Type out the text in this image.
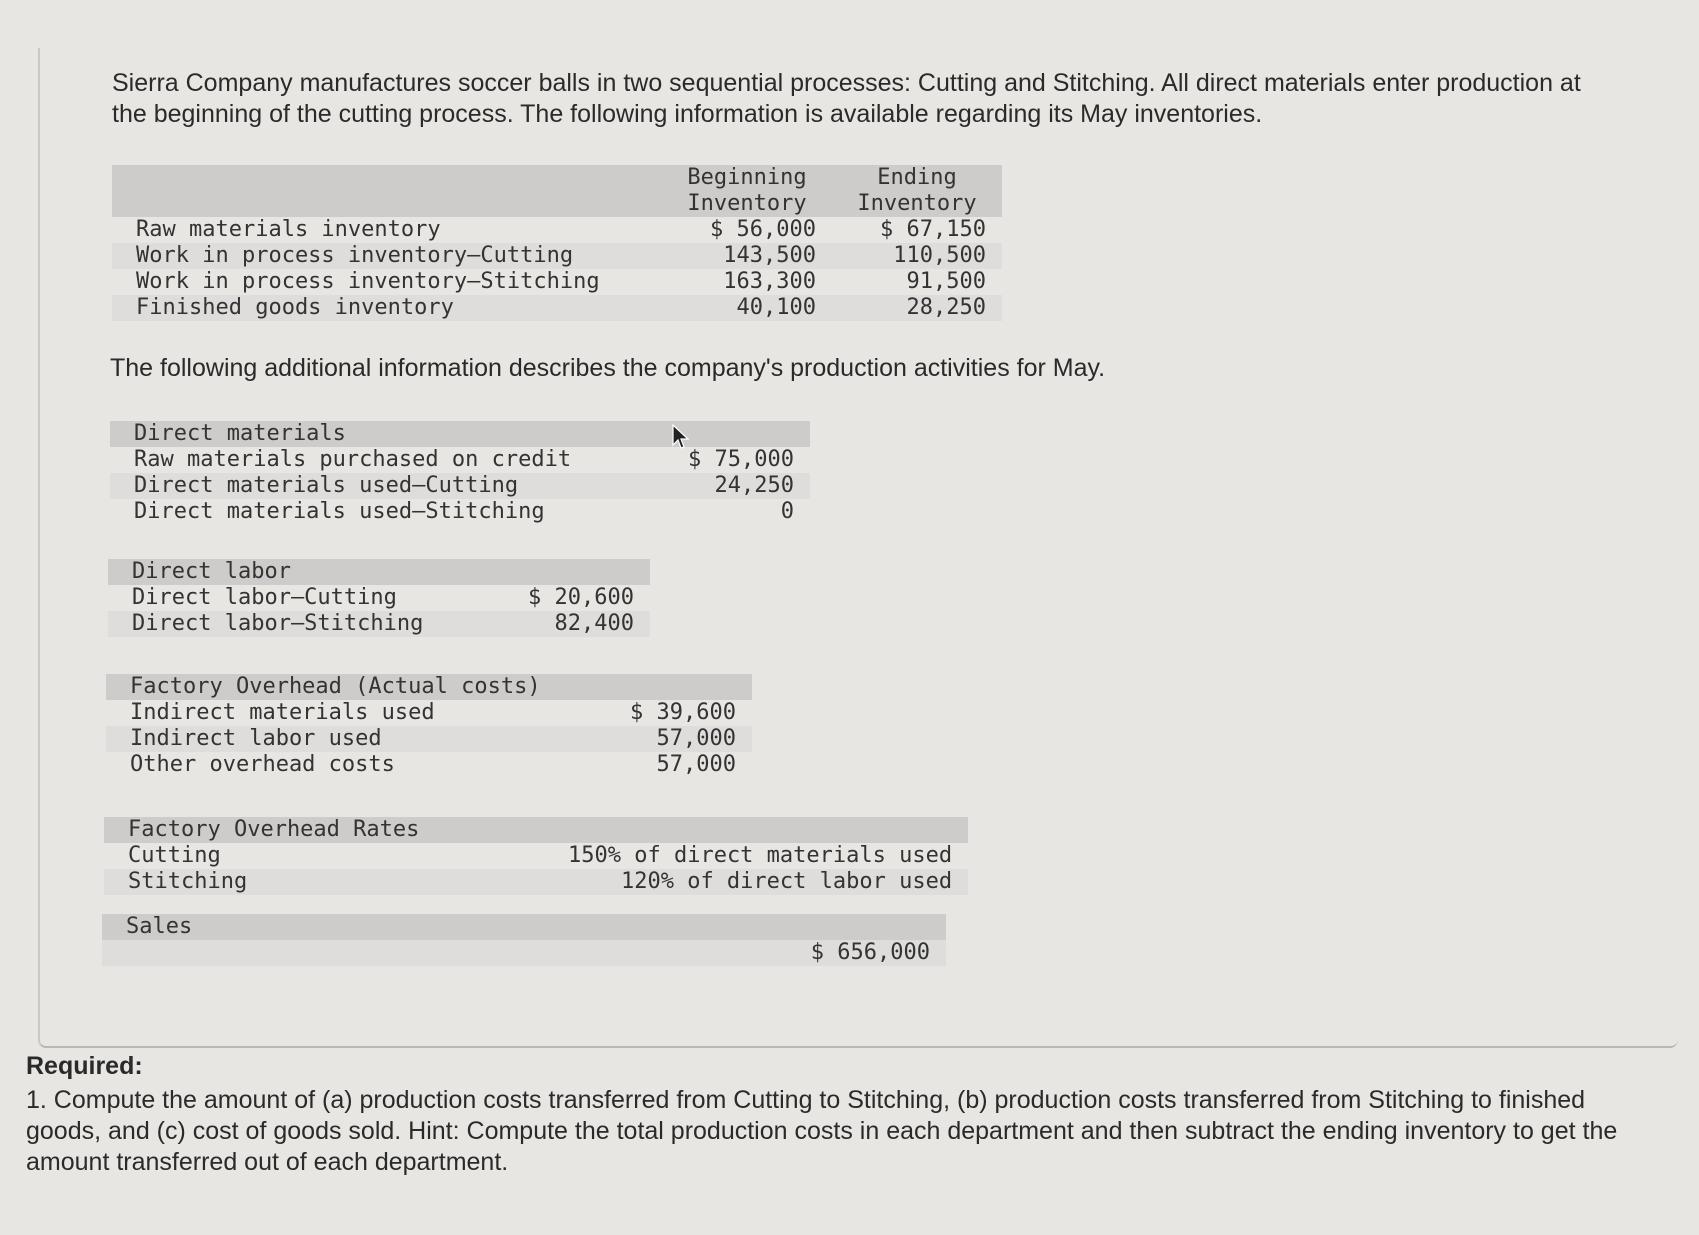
Sierra Company manufactures soccer balls in two sequential processes: Cutting and Stitching. All direct materials enter production at the beginning of the cutting process. The following information is available regarding its May inventories.

	Beginning	Ending
	Inventory	Inventory
Raw materials inventory	$ 56,000	$ 67,150
Work in process inventory–Cutting	143,500	110,500
Work in process inventory–Stitching	163,300	91,500
Finished goods inventory	40,100	28,250

The following additional information describes the company's production activities for May.

Direct materials	
Raw materials purchased on credit	$ 75,000
Direct materials used–Cutting	24,250
Direct materials used–Stitching	0
Direct labor	
Direct labor–Cutting	$ 20,600
Direct labor–Stitching	82,400
Factory Overhead (Actual costs)	
Indirect materials used	$ 39,600
Indirect labor used	57,000
Other overhead costs	57,000
Factory Overhead Rates	
Cutting	150% of direct materials used
Stitching	120% of direct labor used
Sales	
	$ 656,000

Required:

1. Compute the amount of (a) production costs transferred from Cutting to Stitching, (b) production costs transferred from Stitching to finished goods, and (c) cost of goods sold. Hint: Compute the total production costs in each department and then subtract the ending inventory to get the amount transferred out of each department.
